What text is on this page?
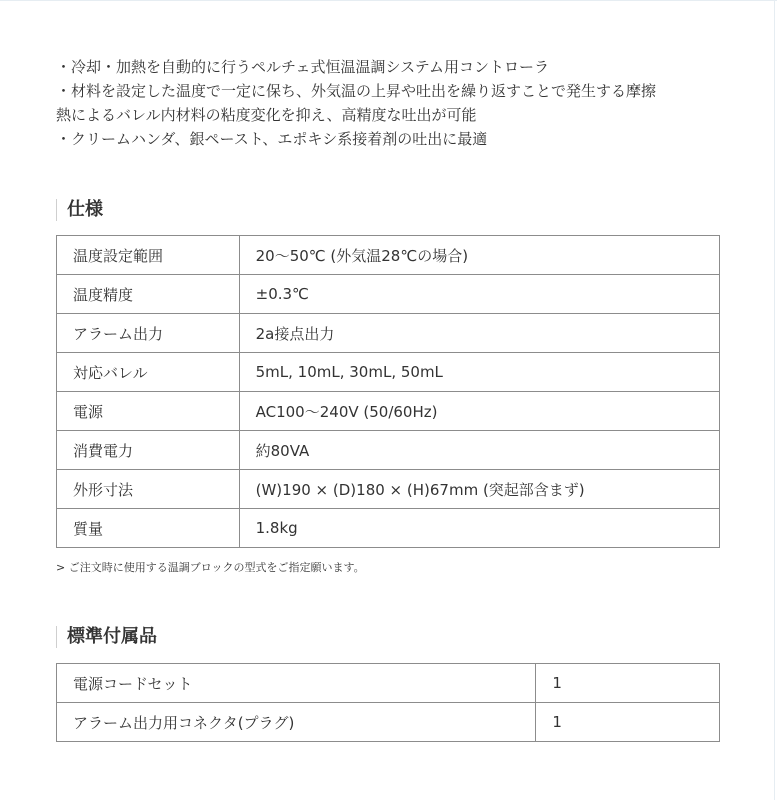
・冷却・加熱を自動的に行うペルチェ式恒温温調システム用コントローラ

・材料を設定した温度で一定に保ち、外気温の上昇や吐出を繰り返すことで発生する摩擦

熱によるバレル内材料の粘度変化を抑え、高精度な吐出が可能

・クリームハンダ、銀ペースト、エポキシ系接着剤の吐出に最適

仕様
温度設定範囲	20〜50℃ (外気温28℃の場合)
温度精度	±0.3℃
アラーム出力	2a接点出力
対応バレル	5mL, 10mL, 30mL, 50mL
電源	AC100〜240V (50/60Hz)
消費電力	約80VA
外形寸法	(W)190 × (D)180 × (H)67mm (突起部含まず)
質量	1.8kg
> ご注文時に使用する温調ブロックの型式をご指定願います。
標準付属品
電源コードセット	1
アラーム出力用コネクタ(プラグ)	1
